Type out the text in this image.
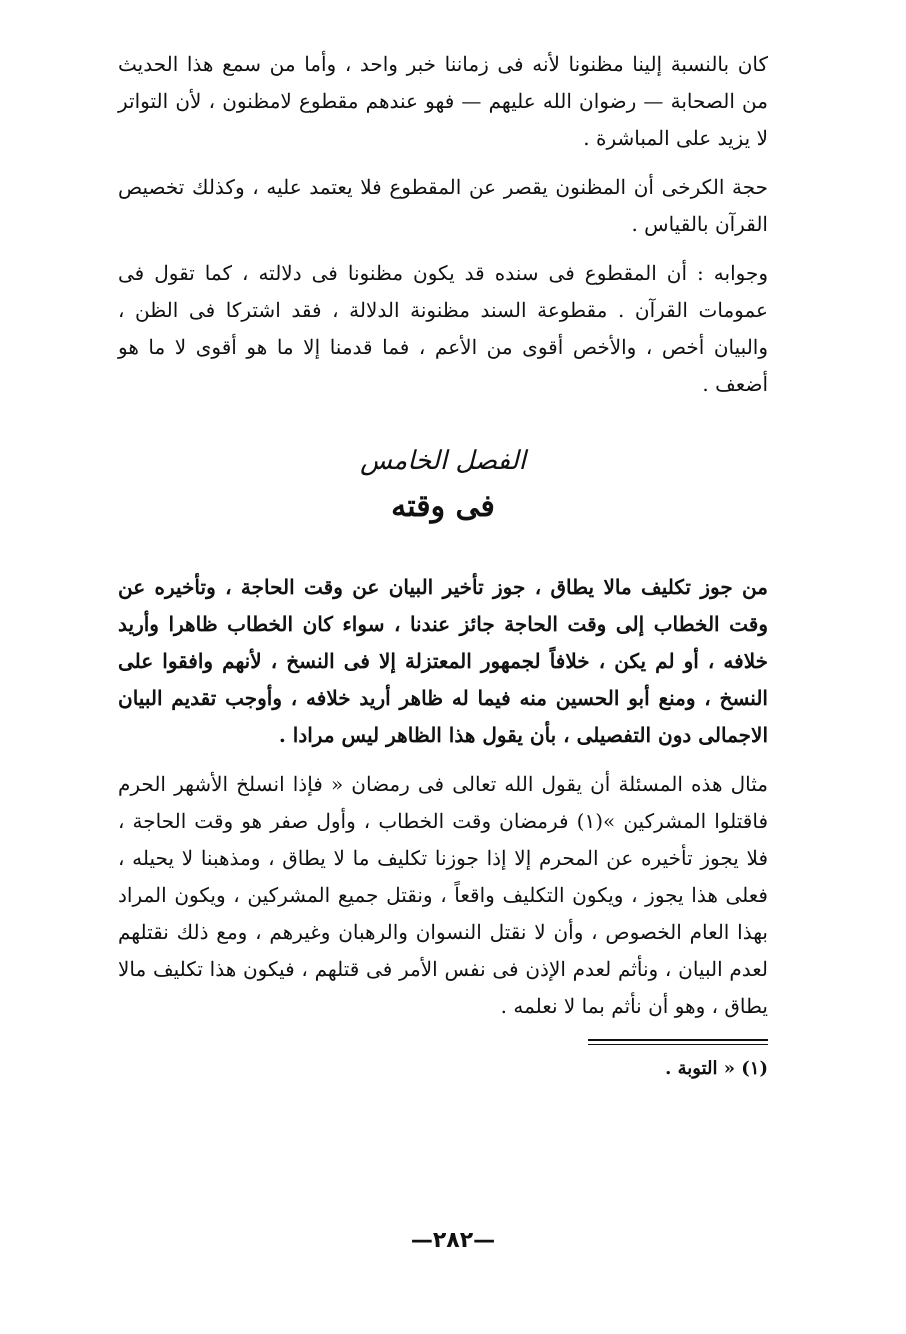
كان بالنسبة إلينا مظنونا لأنه فى زماننا خبر واحد ، وأما من سمع هذا الحديث من الصحابة — رضوان الله عليهم — فهو عندهم مقطوع لامظنون ، لأن التواتر لا يزيد على المباشرة .

حجة الكرخى أن المظنون يقصر عن المقطوع فلا يعتمد عليه ، وكذلك تخصيص القرآن بالقياس .

وجوابه : أن المقطوع فى سنده قد يكون مظنونا فى دلالته ، كما تقول فى عمومات القرآن . مقطوعة السند مظنونة الدلالة ، فقد اشتركا فى الظن ، والبيان أخص ، والأخص أقوى من الأعم ، فما قدمنا إلا ما هو أقوى لا ما هو أضعف .

الفصل الخامس
فى وقته

من جوز تكليف مالا يطاق ، جوز تأخير البيان عن وقت الحاجة ، وتأخيره عن وقت الخطاب إلى وقت الحاجة جائز عندنا ، سواء كان الخطاب ظاهرا وأريد خلافه ، أو لم يكن ، خلافاً لجمهور المعتزلة إلا فى النسخ ، لأنهم وافقوا على النسخ ، ومنع أبو الحسين منه فيما له ظاهر أريد خلافه ، وأوجب تقديم البيان الاجمالى دون التفصيلى ، بأن يقول هذا الظاهر ليس مرادا .

مثال هذه المسئلة أن يقول الله تعالى فى رمضان « فإذا انسلخ الأشهر الحرم فاقتلوا المشركين »(١) فرمضان وقت الخطاب ، وأول صفر هو وقت الحاجة ، فلا يجوز تأخيره عن المحرم إلا إذا جوزنا تكليف ما لا يطاق ، ومذهبنا لا يحيله ، فعلى هذا يجوز ، ويكون التكليف واقعاً ، ونقتل جميع المشركين ، ويكون المراد بهذا العام الخصوص ، وأن لا نقتل النسوان والرهبان وغيرهم ، ومع ذلك نقتلهم لعدم البيان ، ونأثم لعدم الإذن فى نفس الأمر فى قتلهم ، فيكون هذا تكليف مالا يطاق ، وهو أن نأثم بما لا نعلمه .

(١) « التوبة .
—٢٨٢—
